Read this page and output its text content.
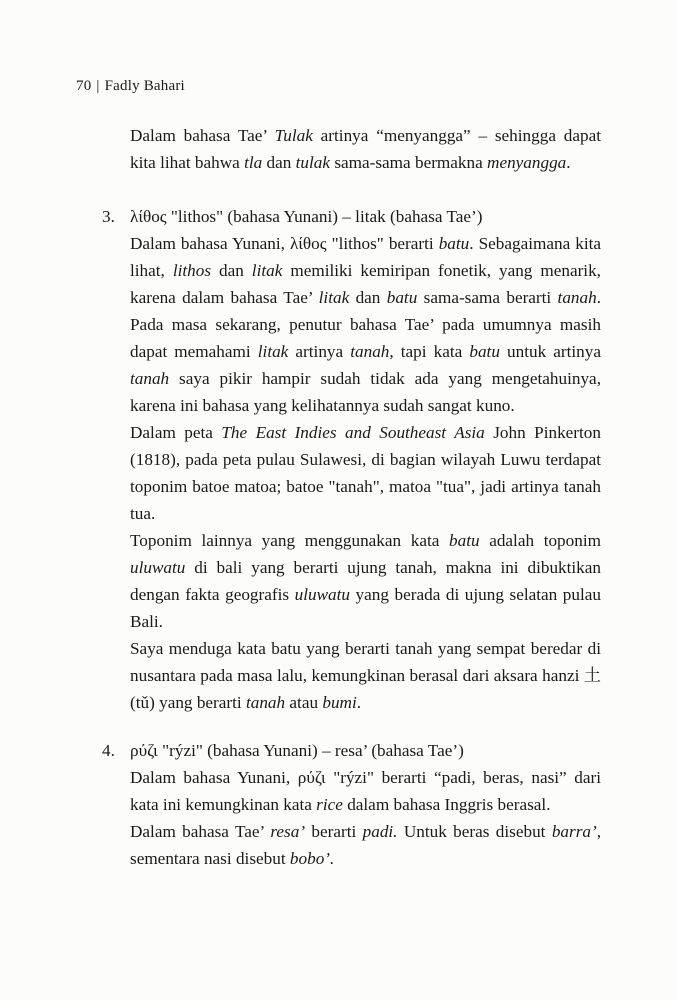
70 | Fadly Bahari

Dalam bahasa Tae’ Tulak artinya “menyangga” – sehingga dapat kita lihat bahwa tla dan tulak sama-sama bermakna menyangga.

3. λίθος "lithos" (bahasa Yunani) – litak (bahasa Tae’)

Dalam bahasa Yunani, λίθος "lithos" berarti batu. Sebagaimana kita lihat, lithos dan litak memiliki kemiripan fonetik, yang menarik, karena dalam bahasa Tae’ litak dan batu sama-sama berarti tanah. Pada masa sekarang, penutur bahasa Tae’ pada umumnya masih dapat memahami litak artinya tanah, tapi kata batu untuk artinya tanah saya pikir hampir sudah tidak ada yang mengetahuinya, karena ini bahasa yang kelihatannya sudah sangat kuno.

Dalam peta The East Indies and Southeast Asia John Pinkerton (1818), pada peta pulau Sulawesi, di bagian wilayah Luwu terdapat toponim batoe matoa; batoe "tanah", matoa "tua", jadi artinya tanah tua.

Toponim lainnya yang menggunakan kata batu adalah toponim uluwatu di bali yang berarti ujung tanah, makna ini dibuktikan dengan fakta geografis uluwatu yang berada di ujung selatan pulau Bali.

Saya menduga kata batu yang berarti tanah yang sempat beredar di nusantara pada masa lalu, kemungkinan berasal dari aksara hanzi 土 (tǔ) yang berarti tanah atau bumi.

4. ρύζι "rýzi" (bahasa Yunani) – resa’ (bahasa Tae’)

Dalam bahasa Yunani, ρύζι "rýzi" berarti “padi, beras, nasi” dari kata ini kemungkinan kata rice dalam bahasa Inggris berasal.

Dalam bahasa Tae’ resa’ berarti padi. Untuk beras disebut barra’, sementara nasi disebut bobo’.
